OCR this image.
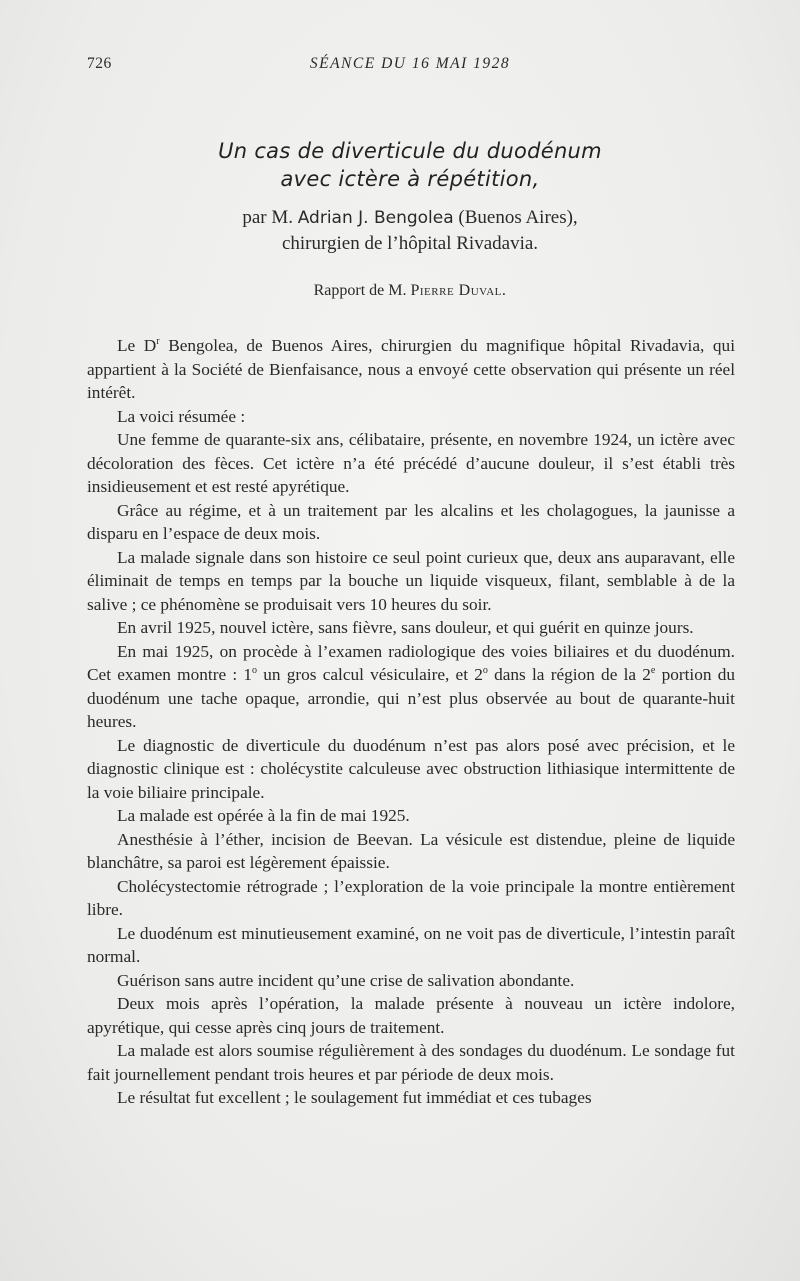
726	SÉANCE DU 16 MAI 1928
Un cas de diverticule du duodénum
avec ictère à répétition,
par M. Adrian J. Bengolea (Buenos Aires),
chirurgien de l’hôpital Rivadavia.
Rapport de M. Pierre Duval.

Le $D^r$ Bengolea, de Buenos Aires, chirurgien du magnifique hôpital Rivadavia, qui appartient à la Société de Bienfaisance, nous a envoyé cette observation qui présente un réel intérêt.

La voici résumée :

Une femme de quarante-six ans, célibataire, présente, en novembre 1924, un ictère avec décoloration des fèces. Cet ictère n’a été précédé d’aucune douleur, il s’est établi très insidieusement et est resté apyrétique.

Grâce au régime, et à un traitement par les alcalins et les cholagogues, la jaunisse a disparu en l’espace de deux mois.

La malade signale dans son histoire ce seul point curieux que, deux ans auparavant, elle éliminait de temps en temps par la bouche un liquide visqueux, filant, semblable à de la salive ; ce phénomène se produisait vers 10 heures du soir.

En avril 1925, nouvel ictère, sans fièvre, sans douleur, et qui guérit en quinze jours.

En mai 1925, on procède à l’examen radiologique des voies biliaires et du duodénum. Cet examen montre : 1$^o$ un gros calcul vésiculaire, et 2$^o$ dans la région de la 2e portion du duodénum une tache opaque, arrondie, qui n’est plus observée au bout de quarante-huit heures.

Le diagnostic de diverticule du duodénum n’est pas alors posé avec précision, et le diagnostic clinique est : cholécystite calculeuse avec obstruction lithiasique intermittente de la voie biliaire principale.

La malade est opérée à la fin de mai 1925.

Anesthésie à l’éther, incision de Beevan. La vésicule est distendue, pleine de liquide blanchâtre, sa paroi est légèrement épaissie.

Cholécystectomie rétrograde ; l’exploration de la voie principale la montre entièrement libre.

Le duodénum est minutieusement examiné, on ne voit pas de diverticule, l’intestin paraît normal.

Guérison sans autre incident qu’une crise de salivation abondante.

Deux mois après l’opération, la malade présente à nouveau un ictère indolore, apyrétique, qui cesse après cinq jours de traitement.

La malade est alors soumise régulièrement à des sondages du duodénum. Le sondage fut fait journellement pendant trois heures et par période de deux mois.

Le résultat fut excellent ; le soulagement fut immédiat et ces tubages
